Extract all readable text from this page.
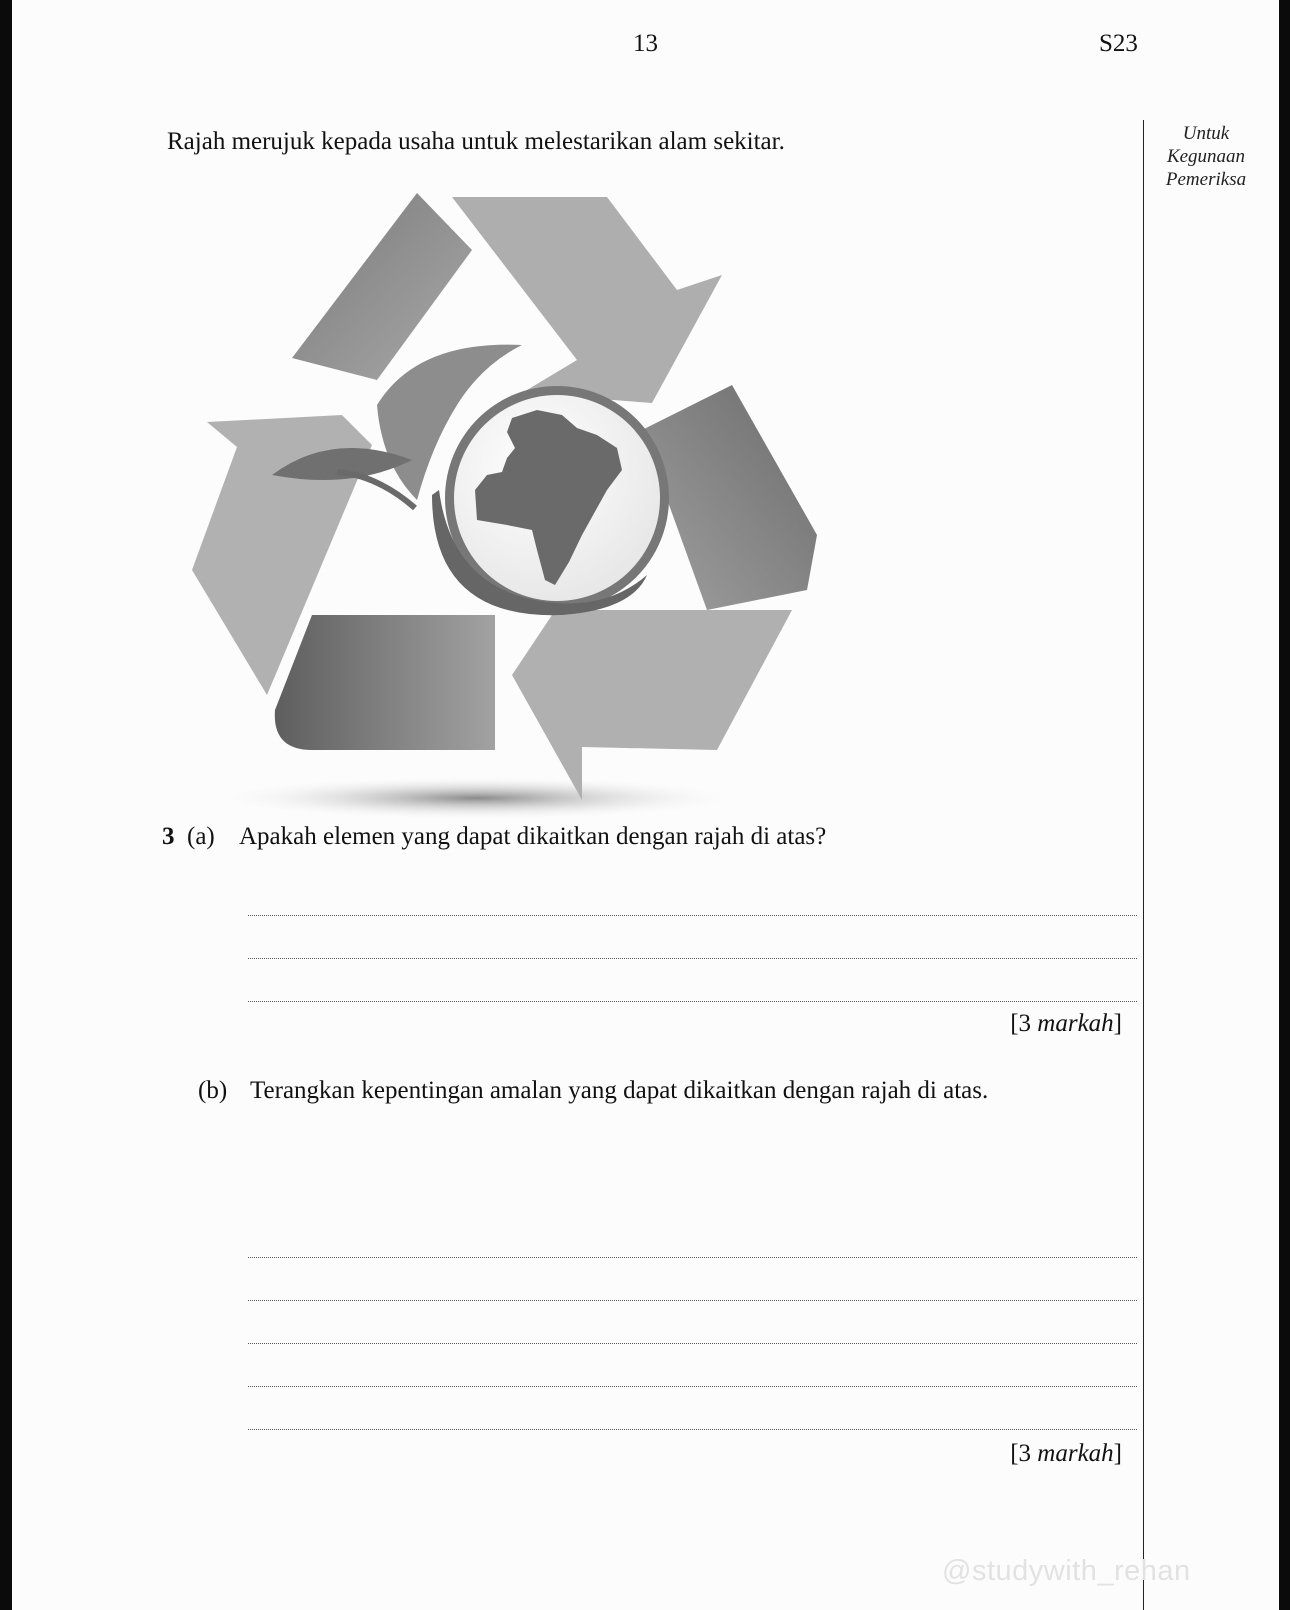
13	S23
Untuk
Kegunaan
Pemeriksa
Rajah merujuk kepada usaha untuk melestarikan alam sekitar.
3 (a) Apakah elemen yang dapat dikaitkan dengan rajah di atas?
[3 markah]
(b) Terangkan kepentingan amalan yang dapat dikaitkan dengan rajah di atas.
[3 markah]
@studywith_rehan
